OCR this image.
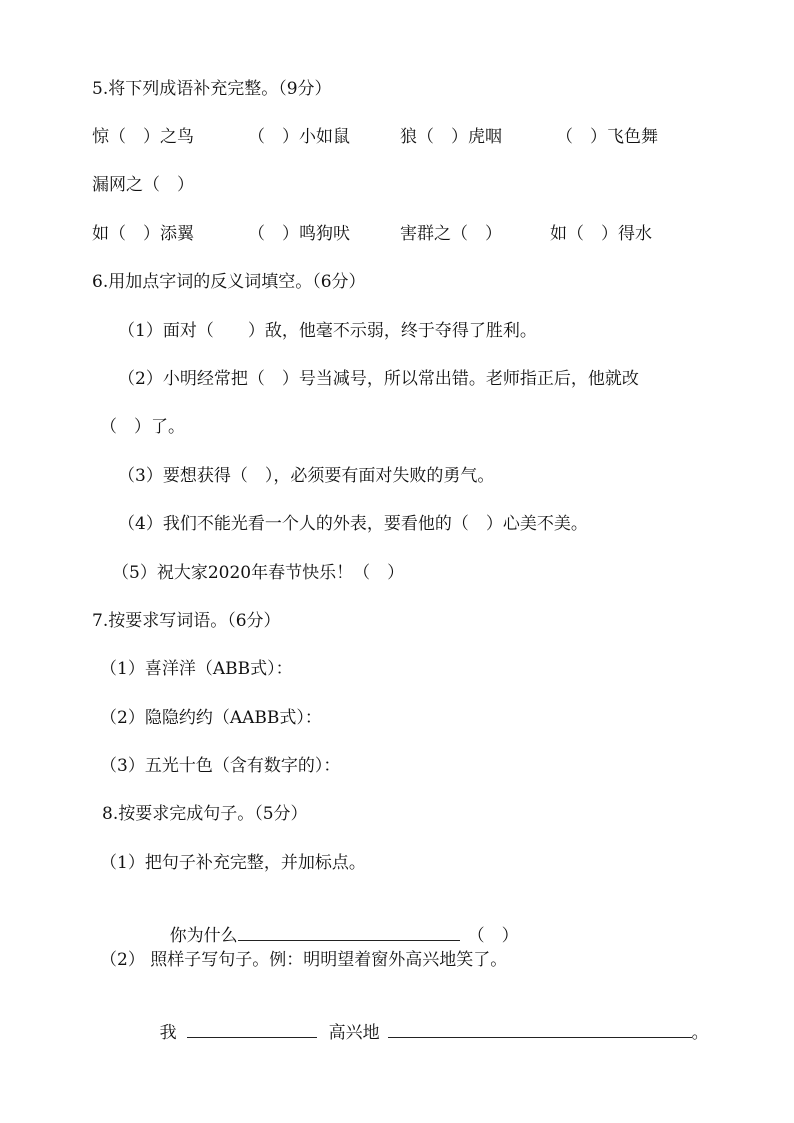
5.将下列成语补充完整。（9分）
惊（　）之鸟	（　）小如鼠	狼（　）虎咽	（　）飞色舞
漏网之（　）
如（　）添翼	（　）鸣狗吠	害群之（　）	如（　）得水
6.用加点字词的反义词填空。（6分）
（1）面对（　　）敌，他毫不示弱，终于夺得了胜利。
（2）小明经常把（　）号当减号，所以常出错。老师指正后，他就改
（　）了。
（3）要想获得（　），必须要有面对失败的勇气。
（4）我们不能光看一个人的外表，要看他的（　）心美不美。
（5）祝大家2020年春节快乐！（　）
7.按要求写词语。（6分）
（1）喜洋洋（ABB式）：
（2）隐隐约约（AABB式）：
（3）五光十色（含有数字的）：
8.按要求完成句子。（5分）
（1）把句子补充完整，并加标点。

你为什么	（　）

（2） 照样子写句子。例：明明望着窗外高兴地笑了。

我	高兴地	。
